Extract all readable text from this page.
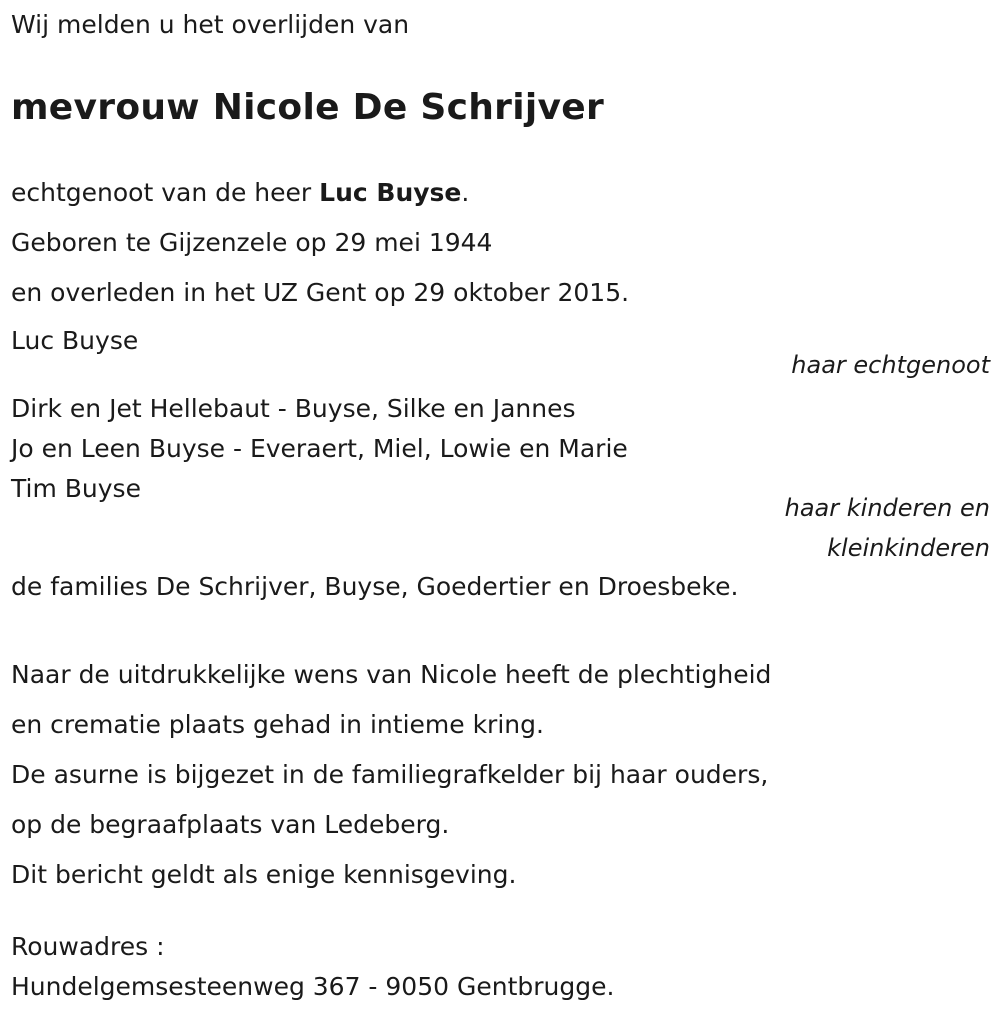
Wij melden u het overlijden van

mevrouw Nicole De Schrijver

echtgenoot van de heer Luc Buyse.

Geboren te Gijzenzele op 29 mei 1944

en overleden in het UZ Gent op 29 oktober 2015.

Luc Buyse

haar echtgenoot

Dirk en Jet Hellebaut - Buyse, Silke en Jannes
Jo en Leen Buyse - Everaert, Miel, Lowie en Marie
Tim Buyse

haar kinderen en kleinkinderen

de families De Schrijver, Buyse, Goedertier en Droesbeke.

Naar de uitdrukkelijke wens van Nicole heeft de plechtigheid
en crematie plaats gehad in intieme kring.
De asurne is bijgezet in de familiegrafkelder bij haar ouders,
op de begraafplaats van Ledeberg.
Dit bericht geldt als enige kennisgeving.

Rouwadres :

Hundelgemsesteenweg 367 - 9050 Gentbrugge.
